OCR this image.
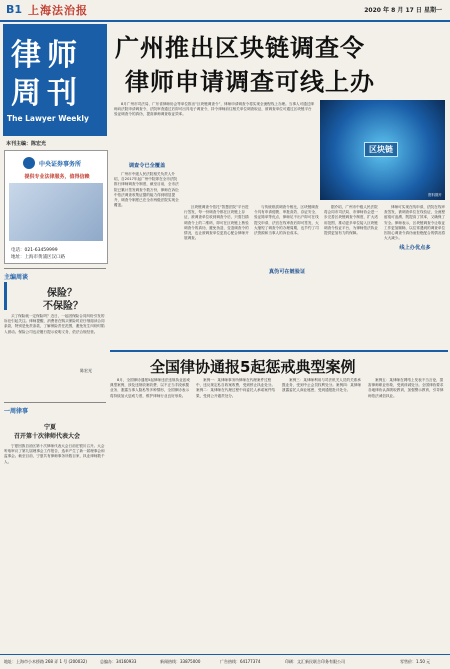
B1 上海法治报	2020 年 8 月 17 日 星期一
律师
周刊
The Lawyer Weekly
本刊主编：陈宏光
中央证券事务所
提供专业法律服务，值得信赖
电话：021-63459999
地址：上海市黄浦区汉口路
广州推出区块链调查令
律师申请调查可线上办
区块链
资料图片

8月广州市司法局、广东省律师协会等单位推出“区块链调查令”，律师申请调查令将实现全流程线上办理。当事人可通过律师向法院申请调查令，法院审查通过后即可出具电子调查令，持令律师前往相关单位调查取证，被调查单位可通过区块链平台验证调查令的真伪，提高律师调查取证效率。

调查令已全覆盖

广州市中级人民法院相关负责人介绍，自2017年起广州中院即在全市法院推行律师调查令制度，截至目前，全市法院已累计签发调查令数万份，律师在诉讼中依法调查收集证据的能力得到明显提升，调查令制度已在全市两级法院实现全覆盖。	区块链调查令依托“智慧法院”平台进行签发，每一份调查令都在区块链上存证，被调查单位收到调查令后，只需扫描调查令上的二维码，即可在区块链上核验调查令的真伪，避免伪造、变造调查令的情况，也让被调查单位更放心配合律师开展调查。

与传统纸质调查令相比，区块链调查令具有申请便捷、审批高效、存证安全、验证简单等优点，律师足不出户即可在线提交申请，法官在线审查后即可签发，大大缩短了调查令的办理周期，也节约了司法资源和当事人的诉讼成本。

真伪可在链验证

据介绍，广州市中级人民法院将会同市司法局、市律师协会进一步完善区块链调查令制度，扩大适用范围，推动更多单位接入区块链调查令验证平台，为律师依法执业提供更加有力的保障。

律师可实现在线申请，法院在线审查签发，被调查单位在线验证，全流程留痕可追溯，既提高了效率，又确保了安全。律师表示，区块链调查令让取证工作更加顺畅，以往常遇到的调查单位因担心调查令真伪而拒绝配合的情况将大大减少。

线上办优点多
主编周谈
保险？
不保险？

买了保险就一定保险吗？近日，一起因保险合同纠纷引发的诉讼引起关注。律师提醒，消费者在购买保险时应仔细阅读合同条款，特别是免责条款，了解保险责任范围，避免发生纠纷时陷入被动。保险公司也应履行提示说明义务，依法合规经营。

陈宏光	全国律协通报5起惩戒典型案例

8月，全国律协通报5起律师违法违规执业惩戒典型案例，涉及违规收案收费、以不正当手段承揽业务、泄露当事人隐私等多种情形，全国律协表示将持续加大惩戒力度，维护律师行业良好形象。

案例一：某律师事务所律师在代理案件过程中，违反规定私自收案收费，受到停止执业处分。案例二：某律师在代理过程中向委托人承诺案件结果，受到公开谴责处分。

案例三：某律师利用与司法机关人员的关系承揽业务，受到中止会员权利处分。案例四：某律师泄露委托人商业秘密，受到通报批评处分。

案例五：某律师在网络上发表不当言论，损害律师职业形象，受到训诫处分。全国律协要求各地律协认真吸取教训，加强警示教育，引导律师依法诚信执业。

一周律事
宁夏
召开第十次律师代表大会

宁夏回族自治区第十次律师代表大会日前在银川召开。大会听取审议了第九届理事会工作报告，选举产生了新一届理事会和监事会。截至目前，宁夏共有律师事务所数百家，执业律师数千人。

地址：上海市小木桥路 268 弄 1 号 (200032)	总编办：34160933	新闻热线：33875000	广告热线：64177374	印刷：文汇新民联合印务有限公司	零售价：1.50 元
